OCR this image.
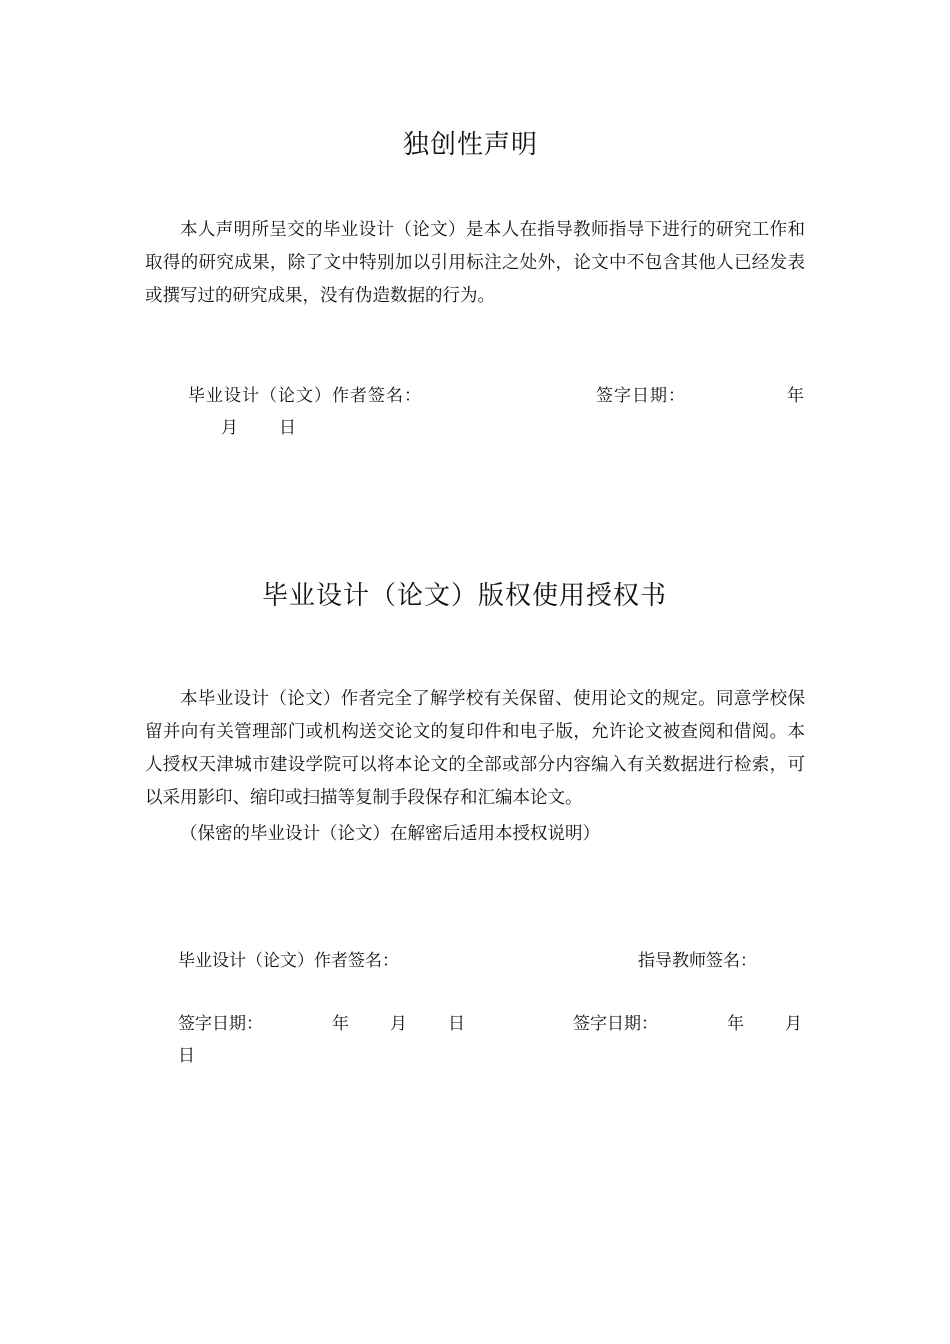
独创性声明

本人声明所呈交的毕业设计（论文）是本人在指导教师指导下进行的研究工作和取得的研究成果，除了文中特别加以引用标注之处外，论文中不包含其他人已经发表或撰写过的研究成果，没有伪造数据的行为。

毕业设计（论文）作者签名：	签字日期：	年
月 日
毕业设计（论文）版权使用授权书

本毕业设计（论文）作者完全了解学校有关保留、使用论文的规定。同意学校保留并向有关管理部门或机构送交论文的复印件和电子版，允许论文被查阅和借阅。本人授权天津城市建设学院可以将本论文的全部或部分内容编入有关数据进行检索，可以采用影印、缩印或扫描等复制手段保存和汇编本论文。

（保密的毕业设计（论文）在解密后适用本授权说明）
毕业设计（论文）作者签名：	指导教师签名：
签字日期：	年 月 日	签字日期：	年 月
日
